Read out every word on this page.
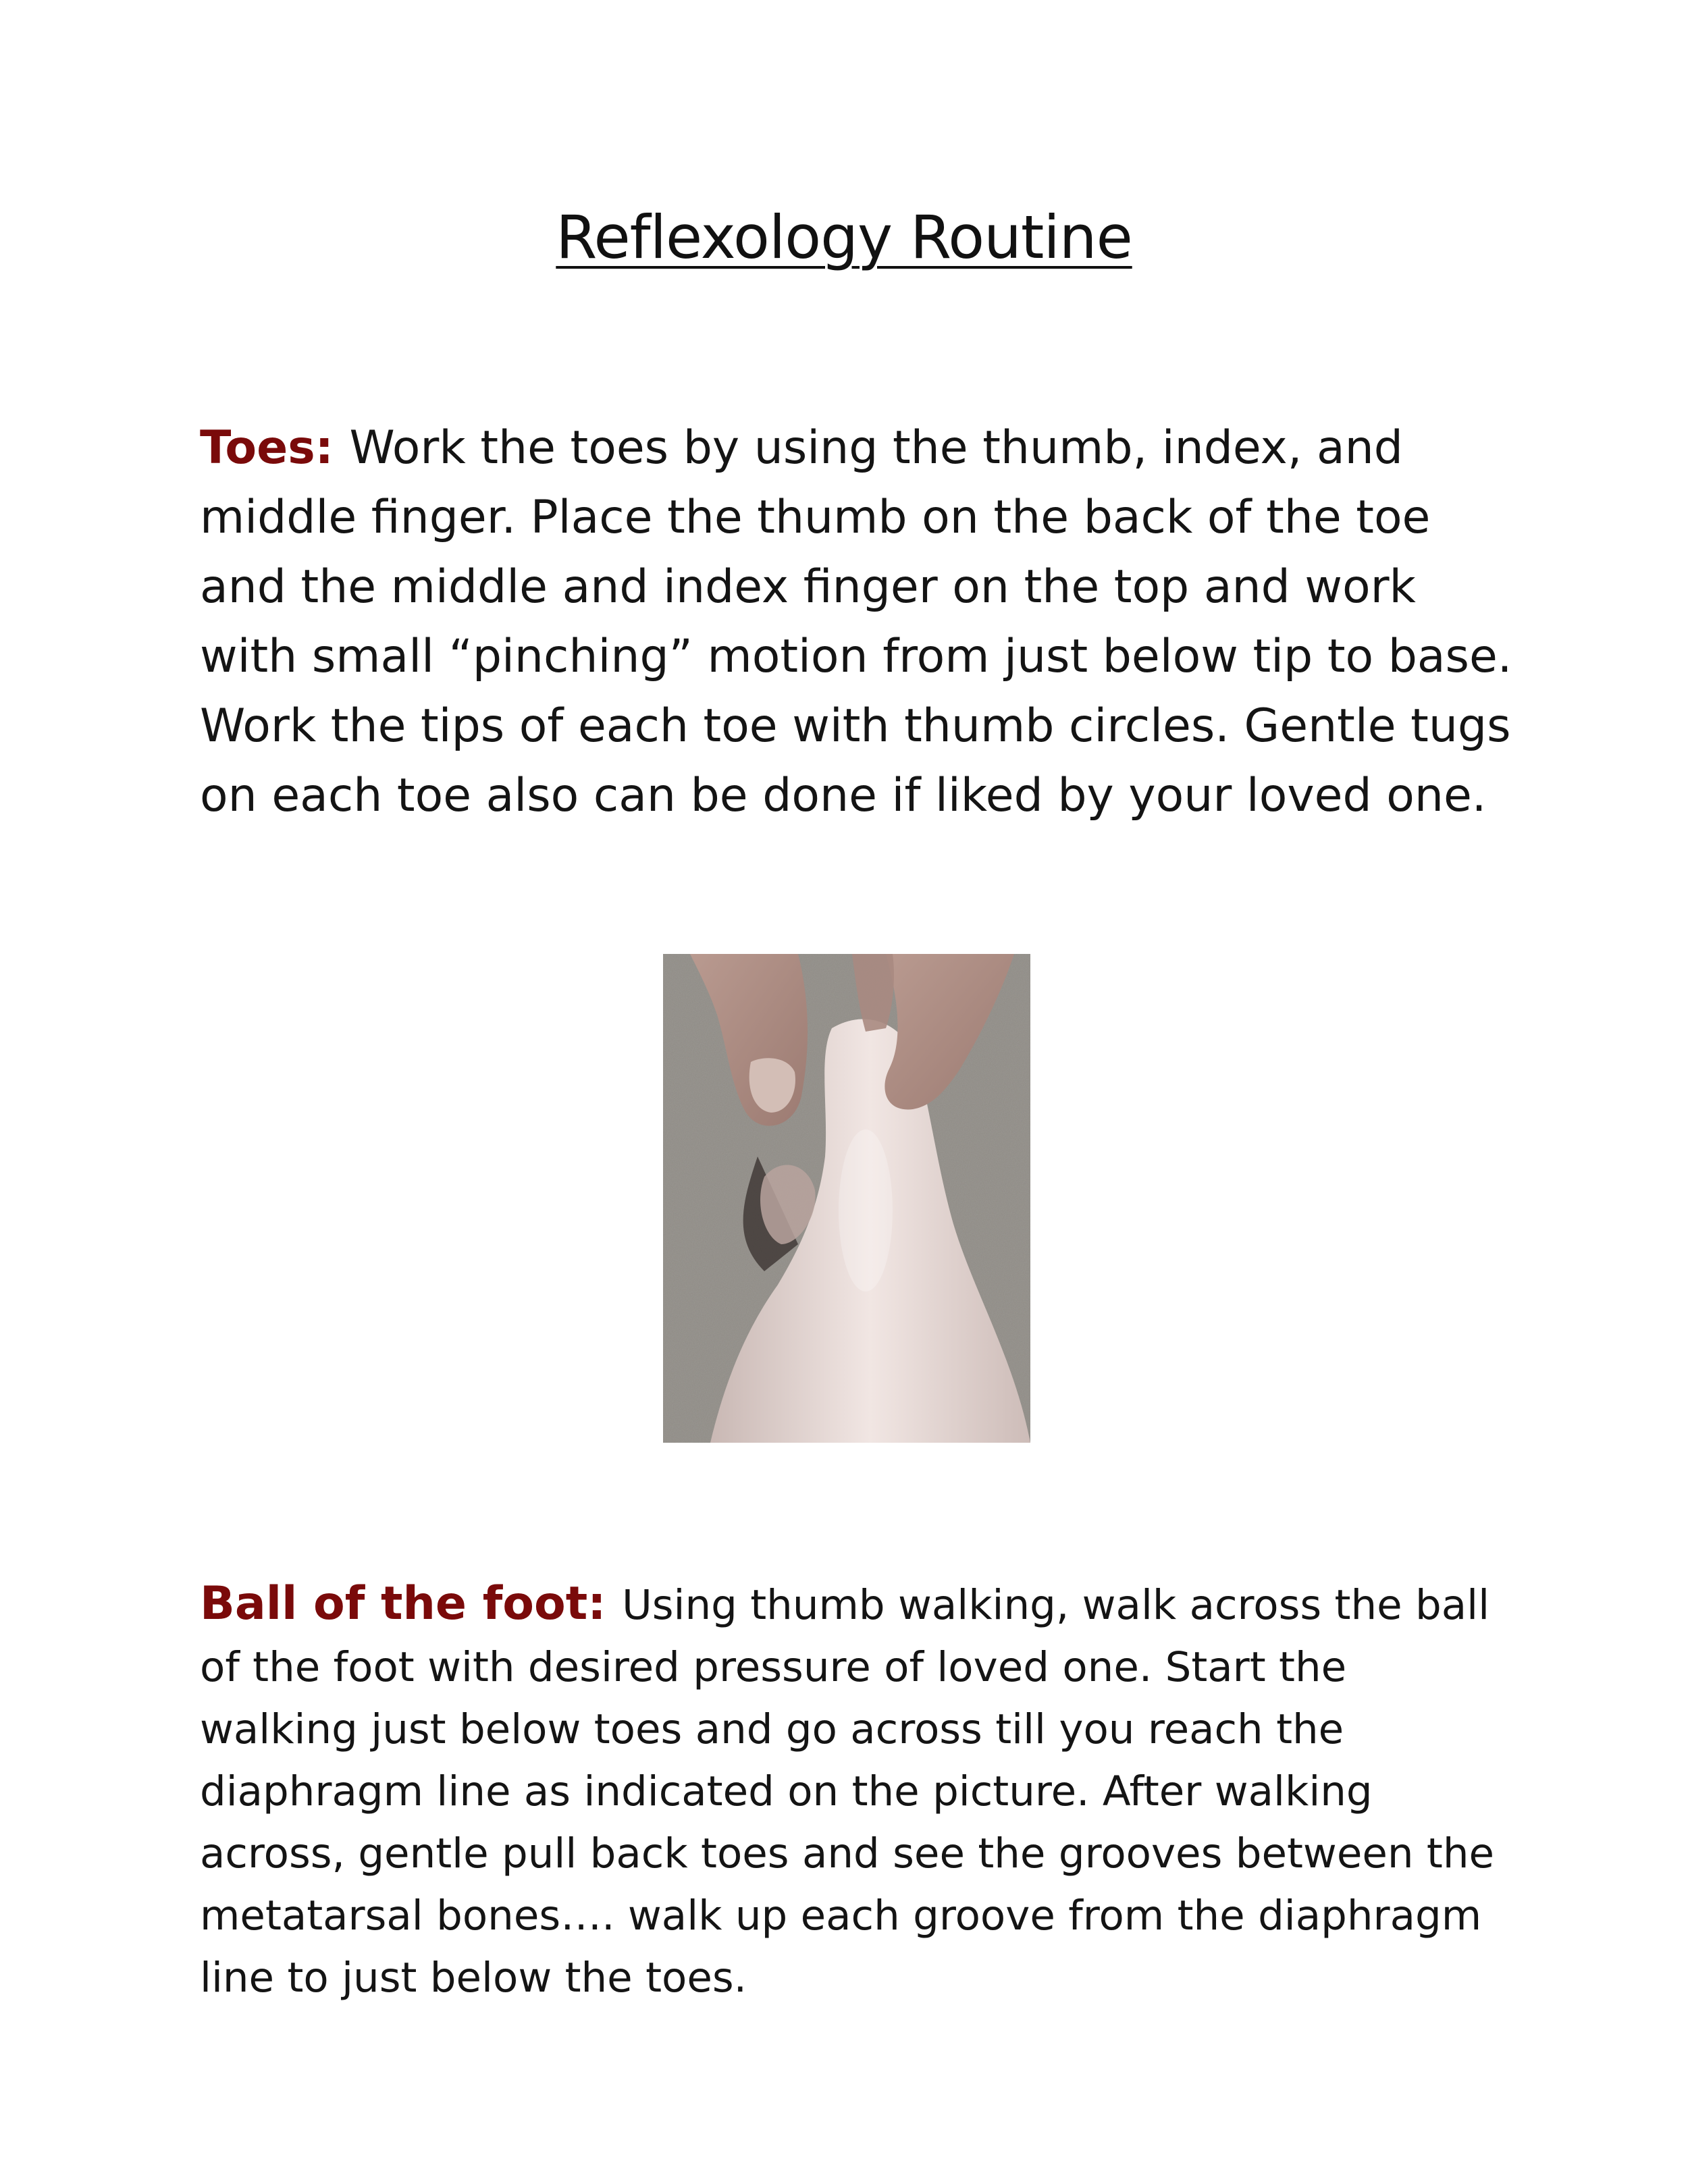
Reflexology Routine

Toes: Work the toes by using the thumb, index, and middle finger. Place the thumb on the back of the toe and the middle and index finger on the top and work with small “pinching” motion from just below tip to base. Work the tips of each toe with thumb circles. Gentle tugs on each toe also can be done if liked by your loved one.

Ball of the foot: Using thumb walking, walk across the ball of the foot with desired pressure of loved one. Start the walking just below toes and go across till you reach the diaphragm line as indicated on the picture. After walking across, gentle pull back toes and see the grooves between the metatarsal bones…. walk up each groove from the diaphragm line to just below the toes.
